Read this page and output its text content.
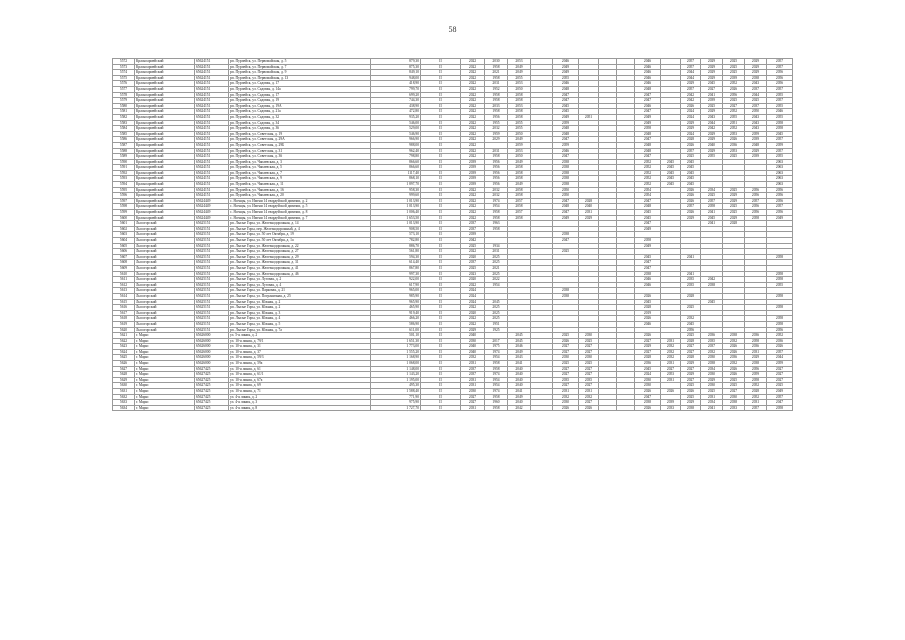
58
5572	Красноармейский	65624151	рп. Пурпейск, ул. Первомайская, д. 5	879,30	II	2022	2030	2053		2046				2046		2057	2029	2025	2029	2057
5573	Красноармейский	65624151	рп. Пурпейск, ул. Первомайская, д. 7	875,30	II	2022	1958	2049		2049				2046		2057	2029	2025	2029	2057
5574	Красноармейский	65624151	рп. Пурпейск, ул. Первомайская, д. 9	849,10	II	2022	2021	2049		2049				2046		2044	2029	2025	2029	2056
5575	Красноармейский	65624151	рп. Пурпейск, ул. Первомайская, д. 13	948,00	II	2022	1958	2055		2055				2046		2044	2029	2039	2038	2056
5576	Красноармейский	65624151	рп. Пурпейск, ул. Садовая, д. 17	418,90	II	2022	2031	2053		2046				2046		2029	2045	2052	2043	2056
5577	Красноармейский	65624151	рп. Пурпейск, ул. Садовая, д. 14а	799,70	II	2022	1952	2050		2048				2048		2057	2027	2026	2037	2057
5578	Красноармейский	65624151	рп. Пурпейск, ул. Садовая, д. 17	699,20	II	2022	1958	2058		2047				2047		2042	2041	2056	2044	2055
5579	Красноармейский	65624151	рп. Пурпейск, ул. Садовая, д. 19	744,30	II	2022	1958	2058		2047				2047		2042	2039	2025	2025	2057
5580	Красноармейский	65624151	рп. Пурпейск, ул. Садовая, д. 19А	438,90	II	2022	2033	2053		2045				2046		2026	2025	2027	2037	2055
5581	Красноармейский	65624151	рп. Пурпейск, ул. Садовая, д. 21а	472,80	II	2022	1958	2058		2045				2047		2024	2029	2052	2050	2046
5582	Красноармейский	65624151	рп. Пурпейск, ул. Садовая, д. 32	935,20	II	2022	1956	2058		2049	2051			2049		2024	2043	2055	2043	2055
5583	Красноармейский	65624151	рп. Пурпейск, ул. Садовая, д. 34	546,00	II	2022	1955	2055		2059				2049		2029	2044	2051	2043	2058
5584	Красноармейский	65624151	рп. Пурпейск, ул. Садовая, д. 36	529,00	II	2022	2032	2055		2048				2058		2029	2042	2052	2043	2058
5585	Красноармейский	65624151	рп. Пурпейск, ул. Советская, д. 19	546,90	II	2022	1959	2050		2048				2048		2024	2029	2053	2059	2045
5586	Красноармейский	65624151	рп. Пурпейск, ул. Советская, д. 29А	966,90	II	2022	2029	2049		2047				2047		2028	2029	2026	2039	2057
5587	Красноармейский	65624151	рп. Пурпейск, ул. Советская, д. 29Б	988,00	II	2022		2059		2059				2048		2026	2040	2036	2048	2059
5588	Красноармейский	65624151	рп. Пурпейск, ул. Советская, д. 31	962,40	II	2022	2031	2053		2046				2048		2057	2029	2053	2029	2057
5589	Красноармейский	65624151	рп. Пурпейск, ул. Советская, д. 36	798,80	II	2022	1958	2050		2047				2047		2025	2055	2025	2039	2055
5590	Красноармейский	65624151	рп. Пурпейск, ул. Чапаевская, д. 3	866,60	II	2039	1956	2049		2038				2052	2045	2045				2063
5591	Красноармейский	65624151	рп. Пурпейск, ул. Чапаевская, д. 5	866,60	II	2039	1956	2058		2038				2052	2045	2045				2063
5592	Красноармейский	65624151	рп. Пурпейск, ул. Чапаевская, д. 7	1117,40	II	2039	1956	2058		2038				2052	2045	2045				2063
5593	Красноармейский	65624151	рп. Пурпейск, ул. Чапаевская, д. 9	868,10	II	2039	1956	2058		2038				2052	2045	2045				2063
5594	Красноармейский	65624151	рп. Пурпейск, ул. Чапаевская, д. 11	1 897,70	II	2039	1956	2049		2038				2052	2045	2045				2063
5595	Красноармейский	65624151	рп. Пурпейск, ул. Чапаевская, д. 16	958,30	II	2022	2032	2058		2050				2054		2026	2034	2025	2056	2056
5596	Красноармейский	65624151	рп. Пурпейск, ул. Чапаевская, д. 20	999,60	II	2022	2032	2058		2050				2054		2026	2025	2029	2056	2056
5597	Красноармейский	65624449	с. Ясенцы, ул. Имени 14 гвардейской дивизии, д. 2	1 013,90	II	2022	1974	2057		2047	2028			2047		2026	2057	2029	2057	2056
5598	Красноармейский	65624449	с. Ясенцы, ул. Имени 14 гвардейской дивизии, д. 5	1 013,90	II	2022	1954	2058		2048	2040			2048		2057	2058	2025	2056	2057
5599	Красноармейский	65624449	с. Ясенцы, ул. Имени 14 гвардейской дивизии, д. 8	1 006,40	II	2022	1958	2057		2047	2031			2045		2026	2041	2025	2056	2056
5600	Красноармейский	65624449	с. Ясенцы, ул. Имени 14 гвардейской дивизии, д. 7	1 653,50	II	2022	1958	2058		2049	2029			2045		2029	2045	2029	2058	2049
5601	Лысогорский	65625151	рп. Лысые Горы, ул. Железнодорожная, д. 14	1 013,90	II	2037	1963							2047			2041	2028		
5602	Лысогорский	65625151	рп. Лысые Горы, пер. Железнодорожный, д. 4	908,50	II	2037	1958							2049						
5603	Лысогорский	65625151	рп. Лысые Горы, ул. 50 лет Октября, д. 19	573,10	II	2039				2038										
5604	Лысогорский	65625151	рп. Лысые Горы, ул. 50 лет Октября, д. 1а	782,80	II	2042				2047				2058						
5605	Лысогорский	65625151	рп. Лысые Горы, ул. Железнодорожная, д. 22	886,70	II	2025	1934							2049						
5606	Лысогорский	65625151	рп. Лысые Горы, ул. Железнодорожная, д. 27	561,80	II	2022	2031			2025										
5607	Лысогорский	65625151	рп. Лысые Горы, ул. Железнодорожная, д. 29	594,30	II	2020	2025							2045		2041				2058
5608	Лысогорский	65625151	рп. Лысые Горы, ул. Железнодорожная, д. 31	614,40	II	2037	2025							2047						
5609	Лысогорский	65625151	рп. Лысые Горы, ул. Железнодорожная, д. 41	867,80	II	2025	2021							2047						
5610	Лысогорский	65625151	рп. Лысые Горы, ул. Железнодорожная, д. 46	997,30	II	2023	2025							2038		2041				2058
5611	Лысогорский	65625151	рп. Лысые Горы, ул. Луговая, д. 2	922,00	II	2020	2022							2046		2035	2042			2058
5612	Лысогорский	65625151	рп. Лысые Горы, ул. Луговая, д. 4	617,90	II	2022	1954							2046		2035	2038			2055
5613	Лысогорский	65625151	рп. Лысые Горы, ул. Парковая, д. 21	965,00	II	2024				2038										
5614	Лысогорский	65625151	рп. Лысые Горы, ул. Пограничная, д. 25	985,90	II	2024				2038				2026		2028				2058
5615	Лысогорский	65625151	рп. Лысые Горы, ул. Южная, д. 2	965,90	II	2024	2045							2045			2045			
5616	Лысогорский	65625151	рп. Лысые Горы, ул. Южная, д. 2	465,90	II	2022	2025							2028		2025				2058
5617	Лысогорский	65625151	рп. Лысые Горы, ул. Южная, д. 3	919,40	II	2020	2025							2019						
5618	Лысогорский	65625151	рп. Лысые Горы, ул. Южная, д. 4	466,20	II	2022	2025							2026		2032				2058
5619	Лысогорский	65625151	рп. Лысые Горы, ул. Южная, д. 5	586,90	II	2022	1951							2046		2045				2058
5620	Лысогорский	65625151	рп. Лысые Горы, ул. Южная, д. 7а	611,00	II	2029	1925									2056				2056
5621	г. Маркс	65626000	ул. 5-я линия, д. 2	501,10	II	2040		2045		2025	2030			2026		2025	2036	2038	2036	2052
5622	г. Маркс	65626000	ул. 10-я линия, д. 79/1	1 651,30	II	2030	2017	2045		2026	2025			2027	2031	2028	2035	2032	2058	2036
5623	г. Маркс	65626000	ул. 10-я линия, д. 31	1 773,00	II	2040	1975	2046		2027	2027			2029	2032	2027	2037	2026	2036	2026
5624	г. Маркс	65626000	ул. 10-я линия, д. 37	1 555,20	II	2040	1974	2049		2027	2027			2027	2032	2027	2032	2026	2031	2057
5625	г. Маркс	65626000	ул. 10-я линия, д. 59/3	1 168,90	II	2032	1954	2043		2030	2030			2028	2032	2028	2030	2036	2029	2044
5626	г. Маркс	65626000	ул. 10-я линия, д. 59а	1 068,00	II	2031	1958	2041		2025	2025			2036	2031	2029	2038	2032	2038	2059
5627	г. Маркс	65627425	ул. 10-я линия, д. 61	1 148,00	II	2037	1958	2040		2027	2027			2045	2027	2027	2034	2026	2056	2027
5628	г. Маркс	65627425	ул. 10-я линия, д. 61/1	1 143,20	II	2037	1974	2040		2027	2027			2024	2053	2029	2030	2026	2059	2027
5629	г. Маркс	65627425	ул. 10-я линия, д. 67а	1 195,00	II	2031	1954	2040		2035	2035			2030	2031	2027	2029	2025	2058	2027
5630	г. Маркс	65627425	ул. 10-я линия, д. 69	495,30	II	2031	1954	2040		2027	2027			2030		2025	2030	2025	2052	2025
5631	г. Маркс	65627425	ул. 10-я линия, д. 71	1 588,40	II	2030	1974	2041		2031	2031			2026	2026	2026	2025	2027	2028	2049
5632	г. Маркс	65627425	ул. 4-я линия, д. 2	771,90	II	2027	1958	2049		2032	2032			2047		2025	2031	2030	2052	2057
5633	г. Маркс	65627425	ул. 4-я линия, д. 3	975,90	II	2027	1960	2040		2030	2027			2038	2039	2029	2034	2038	2031	2047
5634	г. Маркс	65627425	ул. 4-я линия, д. 8	1 727,70	II	2031	1958	2042		2026	2026			2026	2033	2038	2041	2033	2057	2058
